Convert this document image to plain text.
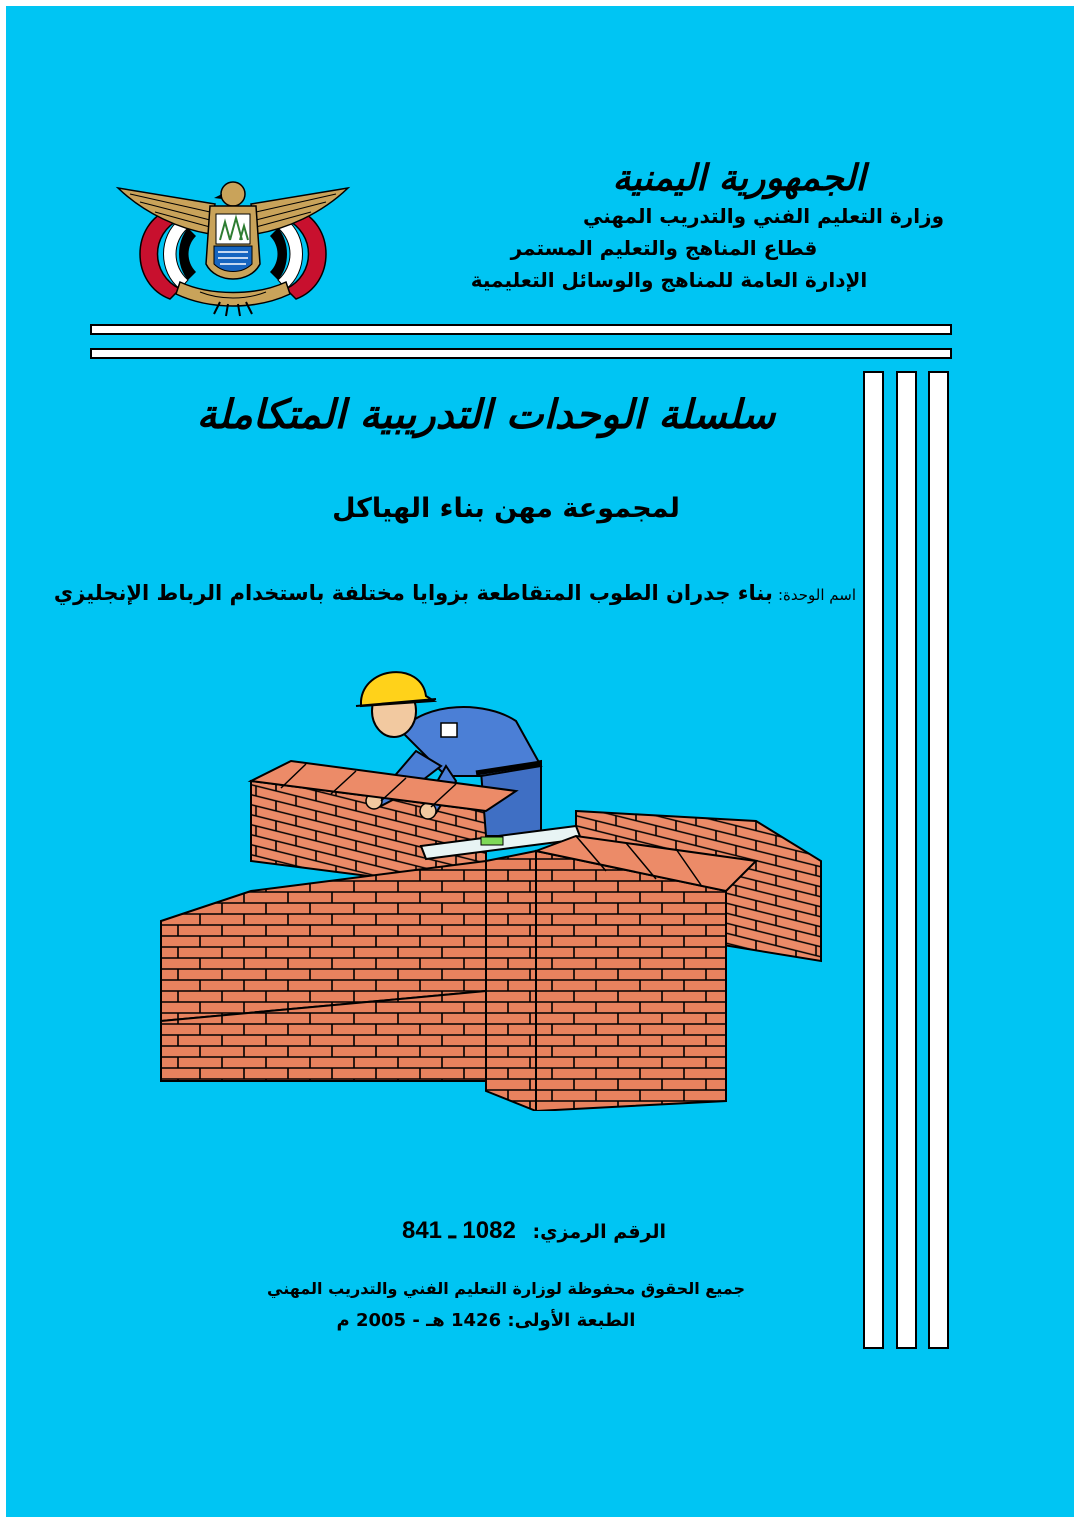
الجمهورية اليمنية
وزارة التعليم الفني والتدريب المهني
قطاع المناهج والتعليم المستمر
الإدارة العامة للمناهج والوسائل التعليمية
سلسلة الوحدات التدريبية المتكاملة
لمجموعة مهن بناء الهياكل
اسم الوحدة: بناء جدران الطوب المتقاطعة بزوايا مختلفة باستخدام الرباط الإنجليزي
الرقم الرمزي:   1082 ـ 841
جميع الحقوق محفوظة لوزارة التعليم الفني والتدريب المهني
الطبعة الأولى: 1426 هـ - 2005 م
